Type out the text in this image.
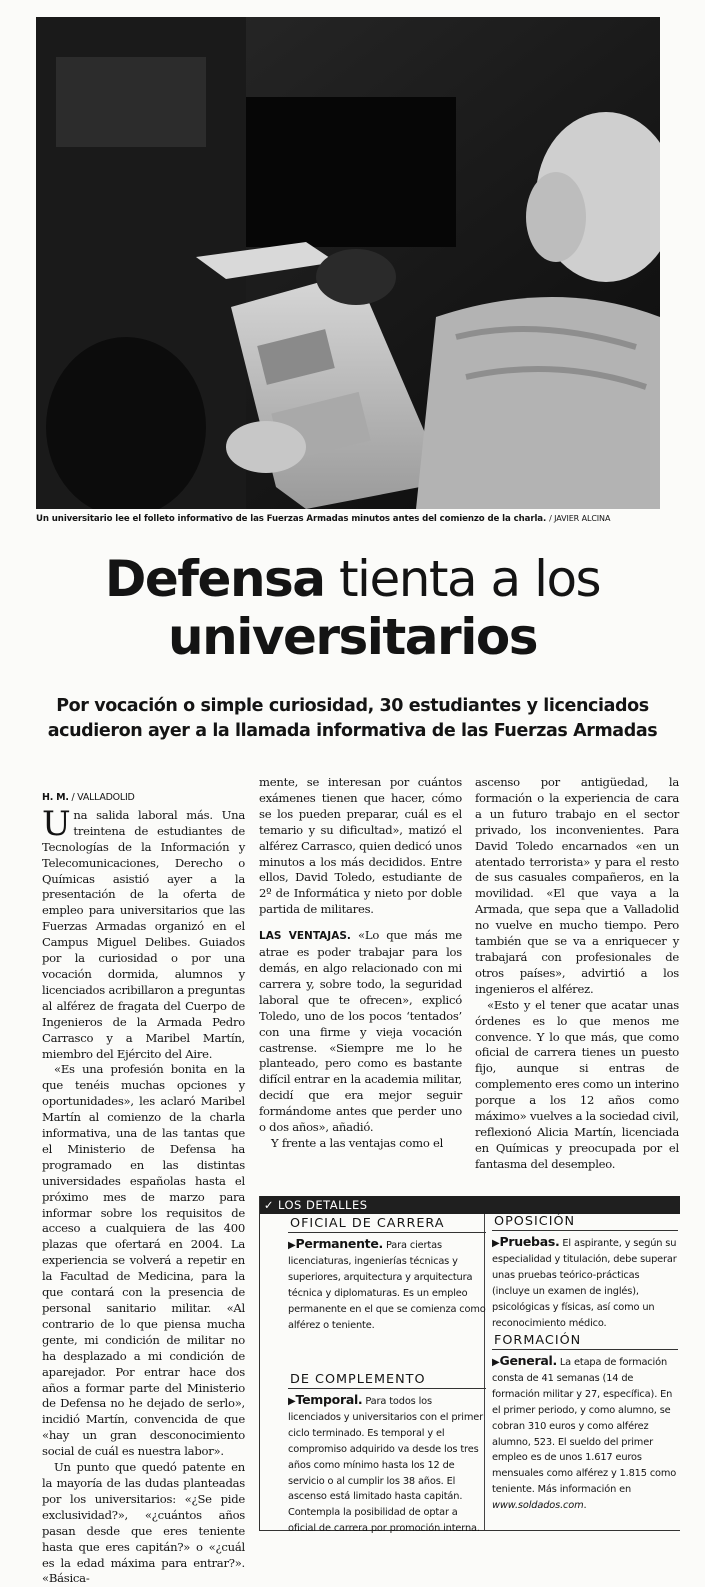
Un universitario lee el folleto informativo de las Fuerzas Armadas minutos antes del comienzo de la charla. / JAVIER ALCINA
Defensa tienta a los
universitarios
Por vocación o simple curiosidad, 30 estudiantes y licenciados acudieron ayer a la llamada informativa de las Fuerzas Armadas
H. M. / VALLADOLID

Una salida laboral más. Una treintena de estudiantes de Tecnologías de la Información y Telecomunicaciones, Derecho o Químicas asistió ayer a la presentación de la oferta de empleo para universitarios que las Fuerzas Armadas organizó en el Campus Miguel Delibes. Guiados por la curiosidad o por una vocación dormida, alumnos y licenciados acribillaron a preguntas al alférez de fragata del Cuerpo de Ingenieros de la Armada Pedro Carrasco y a Maribel Martín, miembro del Ejército del Aire.

«Es una profesión bonita en la que tenéis muchas opciones y oportunidades», les aclaró Maribel Martín al comienzo de la charla informativa, una de las tantas que el Ministerio de Defensa ha programado en las distintas universidades españolas hasta el próximo mes de marzo para informar sobre los requisitos de acceso a cualquiera de las 400 plazas que ofertará en 2004. La experiencia se volverá a repetir en la Facultad de Medicina, para la que contará con la presencia de personal sanitario militar. «Al contrario de lo que piensa mucha gente, mi condición de militar no ha desplazado a mi condición de aparejador. Por entrar hace dos años a formar parte del Ministerio de Defensa no he dejado de serlo», incidió Martín, convencida de que «hay un gran desconocimiento social de cuál es nuestra labor».

Un punto que quedó patente en la mayoría de las dudas planteadas por los universitarios: «¿Se pide exclusividad?», «¿cuántos años pasan desde que eres teniente hasta que eres capitán?» o «¿cuál es la edad máxima para entrar?». «Básica-

mente, se interesan por cuántos exámenes tienen que hacer, cómo se los pueden preparar, cuál es el temario y su dificultad», matizó el alférez Carrasco, quien dedicó unos minutos a los más decididos. Entre ellos, David Toledo, estudiante de 2º de Informática y nieto por doble partida de militares.

LAS VENTAJAS. «Lo que más me atrae es poder trabajar para los demás, en algo relacionado con mi carrera y, sobre todo, la seguridad laboral que te ofrecen», explicó Toledo, uno de los pocos ‘tentados’ con una firme y vieja vocación castrense. «Siempre me lo he planteado, pero como es bastante difícil entrar en la academia militar, decidí que era mejor seguir formándome antes que perder uno o dos años», añadió.

Y frente a las ventajas como el

ascenso por antigüedad, la formación o la experiencia de cara a un futuro trabajo en el sector privado, los inconvenientes. Para David Toledo encarnados «en un atentado terrorista» y para el resto de sus casuales compañeros, en la movilidad. «El que vaya a la Armada, que sepa que a Valladolid no vuelve en mucho tiempo. Pero también que se va a enriquecer y trabajará con profesionales de otros países», advirtió a los ingenieros el alférez.

«Esto y el tener que acatar unas órdenes es lo que menos me convence. Y lo que más, que como oficial de carrera tienes un puesto fijo, aunque si entras de complemento eres como un interino porque a los 12 años como máximo» vuelves a la sociedad civil, reflexionó Alicia Martín, licenciada en Químicas y preocupada por el fantasma del desempleo.

✓ LOS DETALLES
OFICIAL DE CARRERA
▶Permanente. Para ciertas licenciaturas, ingenierías técnicas y superiores, arquitectura y arquitectura técnica y diplomaturas. Es un empleo permanente en el que se comienza como alférez o teniente.
DE COMPLEMENTO
▶Temporal. Para todos los licenciados y universitarios con el primer ciclo terminado. Es temporal y el compromiso adquirido va desde los tres años como mínimo hasta los 12 de servicio o al cumplir los 38 años. El ascenso está limitado hasta capitán. Contempla la posibilidad de optar a oficial de carrera por promoción interna.
OPOSICIÓN
▶Pruebas. El aspirante, y según su especialidad y titulación, debe superar unas pruebas teórico-prácticas (incluye un examen de inglés), psicológicas y físicas, así como un reconocimiento médico.
FORMACIÓN
▶General. La etapa de formación consta de 41 semanas (14 de formación militar y 27, específica). En el primer periodo, y como alumno, se cobran 310 euros y como alférez alumno, 523. El sueldo del primer empleo es de unos 1.617 euros mensuales como alférez y 1.815 como teniente. Más información en www.soldados.com.
